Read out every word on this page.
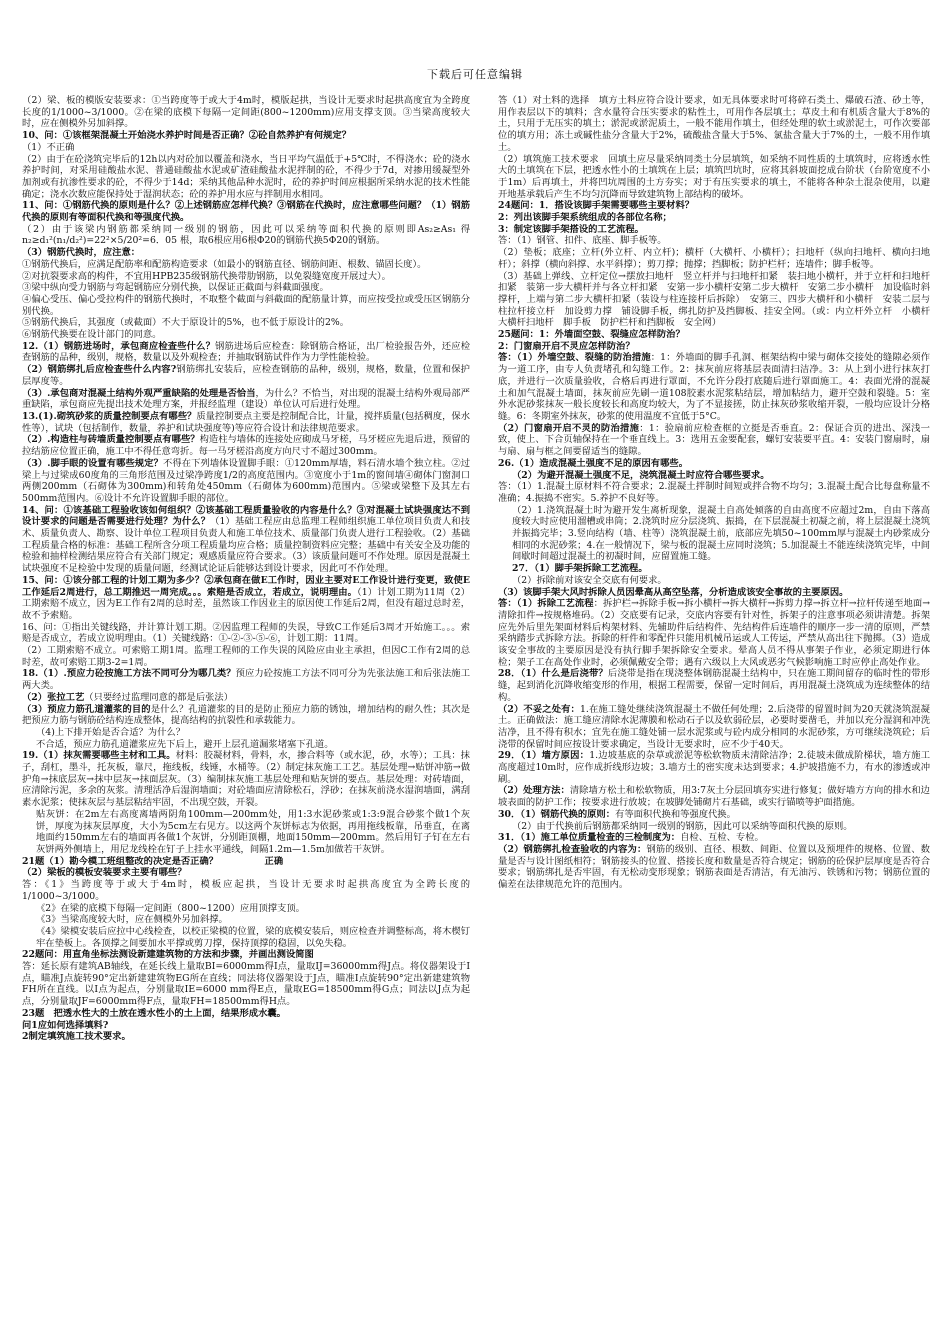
下载后可任意编辑

（2）梁、板的模版安装要求：①当跨度等于或大于4m时，模版起拱，当设计无要求时起拱高度宜为全跨度长度的1/1000~3/1000。②在梁的底模下每隔一定间距(800~1200mm)应用支撑支顶。③当梁高度较大时，应在侧模外另加斜撑。

10、问：①该框架混凝土开始浇水养护时间是否正确？②砼自然养护有何规定？

（1）不正确

（2）由于在砼浇筑完毕后的12h以内对砼加以覆盖和浇水，当日平均气温低于+5℃时，不得浇水；砼的浇水养护时间，对采用硅酸盐水泥、普通硅酸盐水泥或矿渣硅酸盐水泥拌制的砼，不得少于7d，对掺用缓凝型外加剂或有抗渗性要求的砼，不得少于14d；采纳其他品种水泥时，砼的养护时间应根据所采纳水泥的技术性能确定；浇水次数应能保持处于湿润状态；砼的养护用水应与拌制用水相同。

11、问：①钢筋代换的原则是什么？②上述钢筋应怎样代换？③钢筋在代换时，应注意哪些问题？（1）钢筋代换的原则有等面积代换和等强度代换。

（2）由于该梁内钢筋都采纳同一级别的钢筋，因此可以采纳等面积代换的原则即As₂≥As₁ 得 n₂≥d₁²(n₁/d₂²)=22²×5/20²=6．05 根，取6根应用6根Φ20的钢筋代换5Φ20的钢筋。

（3）钢筋代换时，应注意：

①钢筋代换后，应满足配筋率和配筋构造要求（如最小的钢筋直径、钢筋间距、根数、锚固长度）。

②对抗裂要求高的构件，不宜用HPB235级钢筋代换带肋钢筋，以免裂缝宽度开展过大）。

③梁中纵向受力钢筋与弯起钢筋应分别代换，以保证正截面与斜截面强度。

④偏心受压、偏心受拉构件的钢筋代换时，不取整个截面与斜截面的配筋量计算，而应按受拉或受压区钢筋分别代换。

⑤钢筋代换后，其强度（或截面）不大于原设计的5%，也不低于原设计的2%。

⑥钢筋代换要在设计部门的同意。

12.（1）钢筋进场时，承包商应检查些什么？钢筋进场后应检查：除钢筋合格证，出厂检验报告外，还应检查钢筋的品种，级别，规格，数量以及外观检查；并抽取钢筋试件作为力学性能检验。

（2）钢筋绑扎后应检查些什么内容?钢筋绑扎安装后，应检查钢筋的品种，级别，规格，数量，位置和保护层厚度等。

（3）.承包商对混凝土结构外观严重缺陷的处理是否恰当，为什么？不恰当，对出现的混凝土结构外观局部严重缺陷，承包商应先提出技术处理方案，并报经监理（建设）单位认可后进行处理。

13.(1).砌筑砂浆的质量控制要点有哪些？质量控制要点主要是控制配合比，计量，搅拌质量(包括稠度，保水性等），试块（包括制作，数量，养护和试块强度等)等应符合设计和法律规范要求。

（2）.构造柱与砖墙质量控制要点有哪些？构造柱与墙体的连接处应砌成马牙槎，马牙槎应先退后进，预留的拉结筋应位置正确，施工中不得任意弯折。每一马牙槎沿高度方向尺寸不超过300mm。

（3）.脚手眼的设置有哪些规定？不得在下列墙体设置脚手眼：①120mm厚墙，料石清水墙个独立柱。②过梁上与过梁成60度角的三角形范围及过梁净跨度1/2的高度范围内。③宽度小于1m的窗间墙④砌体门窗洞口两侧200mm（石砌体为300mm)和转角处450mm（石砌体为600mm)范围内。⑤梁或梁整下及其左右500mm范围内。⑥设计不允许设置脚手眼的部位。

14、问：①该基础工程验收该如何组织？②该基础工程质量验收的内容是什么？③对混凝土试块强度达不到设计要求的问题是否需要进行处理？为什么？（1）基础工程应由总监理工程师组织施工单位项目负责人和技术、质量负责人、勘察、设计单位工程项目负责人和施工单位技术、质量部门负责人进行工程验收。（2）基础工程质量合格的标准：基础工程所含分项工程质量均应合格；质量控制资料应完整；基础中有关安全及功能的检验和抽样检测结果应符合有关部门规定；观感质量应符合要求。（3）该质量问题可不作处理。原因是混凝土试块强度不足检验中发现的质量问题，经测试论证后能够达到设计要求，因此可不作处理。

15、问：①该分部工程的计划工期为多少？②承包商在做E工作时，因业主要对E工作设计进行变更，致使E工作延后2周进行，总工期推迟一周完成。。。索赔是否成立，若成立，说明理由。（1）计划工期为11周（2）工期索赔不成立，因为E工作有2周的总时差，虽然该工作因业主的原因使工作延后2周，但没有超过总时差，故不予索赔。

16、问：①指出关键线路，并计算计划工期。②因监理工程师的失误，导致C工作延后3周才开始施工。。。索赔是否成立，若成立说明理由。（1）关键线路：①-②-③-⑤-⑥，计划工期：11周。

（2）工期索赔不成立。可索赔工期1周。监理工程师的工作失误的风险应由业主承担，但因C工作有2周的总时差，故可索赔工期3-2=1周。

18.（1）.预应力砼按施工方法不同可分为哪几类？预应力砼按施工方法不同可分为先张法施工和后张法施工两大类。

（2）张拉工艺（只要经过监理同意的都是后张法）

（3）预应力筋孔道灌浆的目的是什么？孔道灌浆的目的是防止预应力筋的锈蚀，增加结构的耐久性；其次是把预应力筋与钢筋砼结构连成整体，提高结构的抗裂性和承载能力。

（4)上下排开始是否合适？为什么？

不合适，预应力筋孔道灌浆应先下后上，避开上层孔道漏浆堵塞下孔道。

19.（1）抹灰需要哪些主材和工具。材料：胶凝材料，骨料，水，掺合料等（或水泥，砂，水等）；工具：抹子，刮杠，墨斗，托灰板，靠尺，拖线板，线锤，水桶等。（2）制定抹灰施工工艺。基层处理→贴饼冲筋→做护角→抹底层灰→抹中层灰→抹面层灰。（3）编制抹灰施工基层处理和贴灰饼的要点。基层处理：对砖墙面，应清除污泥，多余的灰浆。清理活净后湿润墙面；对砼墙面应清除松石，浮砂；在抹灰前浇水湿润墙面，满刮素水泥浆；使抹灰层与基层粘结牢固，不出现空鼓，开裂。

贴灰饼：在2m左右高度离墙两阴角100mm—200mm处，用1:3水泥砂浆或1:3:9混合砂浆个做1个灰饼，厚度为抹灰层厚度，大小为5cm左右见方。以这两个灰饼标志为依据，再用拖线板靠，吊垂直，在离地面约150mm左右的墙面再各做1个灰饼，分别距顶棚，地面150mm—200mm。然后用钉子钉在左右灰饼两外侧墙上，用尼龙线栓在钉子上挂水平通线，间隔1.2m—1.5m加做若干灰饼。

21题（1）勘今模工班组整改的决定是否正确？　　　　　正确

（2）梁板的模板安装要求主要有哪些？

答：《1》当跨度等于或大于4m时，模板应起拱，当设计无要求时起拱高度宜为全跨长度的1/1000~3/1000。

《2》在梁的底模下每隔一定间距（800~1200）应用顶撑支顶。

《3》当梁高度较大时，应在侧模外另加斜撑。

《4》梁模安装后应拉中心线检查，以校正梁模的位置，梁的底模安装后，则应检查并调整标高，将木楔钉牢在垫板上。各顶撑之间要加水平撑或剪刀撑，保持顶撑的稳固，以免失稳。

22题问：用直角坐标法测设新建建筑物的方法和步骤，并画出测设简图

答：延长原有建筑AB轴线，在延长线上量取BI=6000mm得I点，量取IJ=36000mm得J点。将仪器架设于I点，瞄准J点旋转90°定出新建建筑物EG所在直线；同法将仪器架设于J点，瞄准I点旋转90°定出新建建筑物FH所在直线。以I点为起点，分别量取IE=6000 mm得E点，量取EG=18500mm得G点；同法以J点为起点，分别量取JF=6000mm得F点，量取FH=18500mm得H点。

23题　把透水性大的土放在透水性小的土上面，结果形成水囊。

问1应如何选择填料?

2制定填筑施工技术要求。

答（1）对土料的选择　填方土料应符合设计要求，如无具体要求时可将碎石类土、爆破石渣、砂土等，用作表层以下的填料；含水量符合压实要求的粘性土，可用作各层填土；草皮土和有机质含量大于8%的土，只用于无压实的填土；淤泥或淤泥质土，一般不能用作填土，但经处理的软土或淤泥土，可作次要部位的填方用；冻土或碱性盐分含量大于2%，硫酸盐含量大于5%、氯盐含量大于7%的土，一般不用作填土。

（2）填筑施工技术要求　回填土应尽量采纳同类土分层填筑，如采纳不同性质的土填筑时，应将透水性大的土填筑在下层，把透水性小的土填筑在上层；填筑凹坑时，应将其斜坡面挖成台阶状（台阶宽度不小于1m）后再填土，并将凹坑周围的土方夯实；对于有压实要求的填土，不能将各种杂土混杂使用，以避开地基承载后产生不均匀沉降而导致建筑物上部结构的破坏。

24题问：1．搭设该脚手架需要哪些主要材料？

2：列出该脚手架系统组成的各部位名称；

3：制定该脚手架搭设的工艺流程。

答：（1）钢管、扣件、底座、脚手板等。

（2）垫板；底座；立杆(外立杆、内立杆)；横杆（大横杆、小横杆）；扫地杆（纵向扫地杆、横向扫地杆）；斜撑（横向斜撑、水平斜撑）；剪刀撑；抛撑；挡脚板；防护栏杆；连墙件；脚手板等。

（3）基础上弹线、立杆定位→摆放扫地杆　竖立杆并与扫地杆扣紧　装扫地小横杆，并于立杆和扫地杆扣紧　装第一步大横杆并与各立杆扣紧　安第一步小横杆安第二步大横杆　安第二步小横杆　加设临时斜撑杆，上端与第二步大横杆扣紧（装设与柱连接杆后拆除）　安第三、四步大横杆和小横杆　安装二层与柱拉杆接立杆　加设剪力撑　铺设脚手板，绑扎防护及挡脚板、挂安全网。（或：内立杆外立杆　小横杆　大横杆扫地杆　脚手板　防护栏杆和挡脚板　安全网）

25题问：1：外墙面空鼓、裂缝应怎样防治？

2：门窗扇开启不灵应怎样防治？

答：（1）外墙空鼓、裂缝的防治措施：1：外墙面的脚手孔洞、框架结构中梁与砌体交接处的缝隙必须作为一道工序，由专人负责堵孔和勾缝工作。2：抹灰前应将基层表面清扫洁净。3：从上到小进行抹灰打底，并进行一次质量验收，合格后再进行罩面，不允许分段打底随后进行罩面施工。4：表面光滑的混凝土和加气混凝土墙面，抹灰前应先刷一道108胶素水泥浆粘结层，增加粘结力，避开空鼓和裂缝。5：室外水泥砂浆抹灰一般长度较长和高度均较大，为了不显接搓，防止抹灰砂浆收缩开裂，一般均应设计分格缝。6：冬期室外抹灰，砂浆的使用温度不宜低于5°C。

（2）门窗扇开启不灵的防治措施：1：验扇前应检查框的立挺是否垂直。2：保证合页的进出、深浅一致，使上、下合页轴保持在一个垂直线上。3：选用五金要配套，螺钉安装要平直。4：安装门窗扇时，扇与扇、扇与框之间要留适当的缝隙。

26.（1）造成混凝土强度不足的原因有哪些。

（2）为避开混凝土强度不足，浇筑混凝土时应符合哪些要求。

答：（1）1.混凝土原材料不符合要求；2.混凝土拌制时间短或拌合物不均匀；3.混凝土配合比每盘称量不准确；4.振捣不密实。5.养护不良好等。

（2）1.浇筑混凝土时为避开发生离析现象，混凝土自高处倾落的自由高度不应超过2m，自由下落高度较大时应使用溜槽或串筒；2.浇筑时应分层浇筑、振捣，在下层混凝土初凝之前，将上层混凝土浇筑并振捣完毕；3.竖向结构（墙、柱等）浇筑混凝土前，底部应先填50~100mm厚与混凝土内砂浆成分相同的水泥砂浆；4.在一般情况下，梁与板的混凝土应同时浇筑；5.加混凝土不能连续浇筑完毕，中间间歇时间超过混凝土的初凝时间，应留置施工缝。

27．（1）脚手架拆除工艺流程。

（2）拆除前对该安全交底有何要求。

（3）该脚手架大风时拆除人员因晕高从高空坠落，分析造成该安全事故的主要原因。

答：（1）拆除工艺流程：拆护栏→拆除手板→拆小横杆→拆大横杆→拆剪力撑→拆立杆→拉杆传递至地面→清除扣件→按规格堆码。（2）交底要有记录，交底内容要有针对性，拆架子的注意事项必须讲清楚。拆架应先外后里先架面材料后构架材料、先辅助件后结构件、先结构件后连墙件的顺序一步一清的原则，严禁采纳踏步式拆除方法。拆除的杆件和零配件只能用机械吊运或人工传运，严禁从高出往下抛掷。（3）造成该安全事故的主要原因是没有执行脚手架拆除安全要求。晕高人员不得从事架子作业，必须定期进行体检；架子工在高处作业时，必须佩戴安全带；遇有六级以上大风或恶劣气候影响施工时应停止高处作业。

28．（1）什么是后浇带？后浇带是指在现浇整体钢筋混凝土结构中，只在施工期间留存的临时性的带形缝，起到消化沉降收缩变形的作用，根据工程需要，保留一定时间后，再用混凝土浇筑成为连续整体的结构。

（2）不妥之处有：1.在施工缝处继续浇筑混凝土不做任何处理；2.后浇带的留置时间为20天就浇筑混凝土。正确做法：施工缝应清除水泥薄膜和松动石子以及软弱砼层，必要时要凿毛，并加以充分湿润和冲洗洁净，且不得有积水；宜先在施工缝处铺一层水泥浆或与砼内成分相同的水泥砂浆，方可继续浇筑砼；后浇带的保留时间应按设计要求确定，当设计无要求时，应不少于40天。

29．（1）墙方原因：1.边坡基底的杂草或淤泥等松软物质未清除洁净；2.徒坡未做成阶梯状，墙方施工高度超过10m时，应作成折线形边坡；3.墙方土的密实度未达到要求；4.护坡措施不力，有水的渗透或冲刷。

（2）处理方法：清除墙方松土和松软物质，用3:7灰土分层回填夯实进行修复；做好墙方方向的排水和边坡表面的防护工作；按要求进行放坡；在坡脚处铺砌片石基础，或实行锚喷等护面措施。

30．（1）钢筋代换的原则：有等面积代换和等强度代换。

（2）由于代换前后钢筋都采纳同一级别的钢筋，因此可以采纳等面积代换的原则。

31．（1）施工单位质量检查的三检制度为：自检、互检、专检。

（2）钢筋绑扎检查验收的内容为：钢筋的级别、直径、根数、间距、位置以及预埋件的规格、位置、数量是否与设计图纸相符；钢筋接头的位置、搭接长度和数量是否符合规定；钢筋的砼保护层厚度是否符合要求；钢筋绑扎是否牢固，有无松动变形现象；钢筋表面是否清洁，有无油污、铁锈和污物；钢筋位置的偏差在法律规范允许的范围内。
